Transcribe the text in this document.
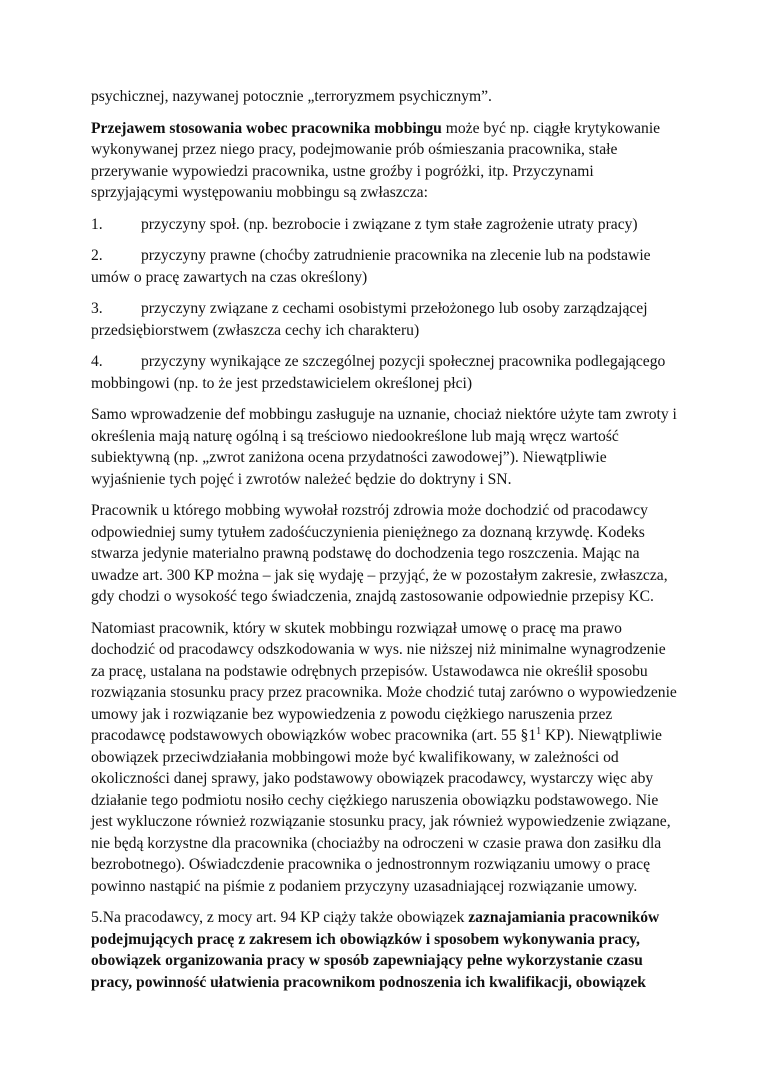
psychicznej, nazywanej potocznie „terroryzmem psychicznym”.

Przejawem stosowania wobec pracownika mobbingu może być np. ciągłe krytykowanie wykonywanej przez niego pracy, podejmowanie prób ośmieszania pracownika, stałe przerywanie wypowiedzi pracownika, ustne groźby i pogróżki, itp. Przyczynami sprzyjającymi występowaniu mobbingu są zwłaszcza:

1. przyczyny społ. (np. bezrobocie i związane z tym stałe zagrożenie utraty pracy)
2. przyczyny prawne (choćby zatrudnienie pracownika na zlecenie lub na podstawie umów o pracę zawartych na czas określony)
3. przyczyny związane z cechami osobistymi przełożonego lub osoby zarządzającej przedsiębiorstwem (zwłaszcza cechy ich charakteru)
4. przyczyny wynikające ze szczególnej pozycji społecznej pracownika podlegającego mobbingowi (np. to że jest przedstawicielem określonej płci)

Samo wprowadzenie def mobbingu zasługuje na uznanie, chociaż niektóre użyte tam zwroty i określenia mają naturę ogólną i są treściowo niedookreślone lub mają wręcz wartość subiektywną (np. „zwrot zaniżona ocena przydatności zawodowej”). Niewątpliwie wyjaśnienie tych pojęć i zwrotów należeć będzie do doktryny i SN.

Pracownik u którego mobbing wywołał rozstrój zdrowia może dochodzić od pracodawcy odpowiedniej sumy tytułem zadośćuczynienia pieniężnego za doznaną krzywdę. Kodeks stwarza jedynie materialno prawną podstawę do dochodzenia tego roszczenia. Mając na uwadze art. 300 KP można – jak się wydaję – przyjąć, że w pozostałym zakresie, zwłaszcza, gdy chodzi o wysokość tego świadczenia, znajdą zastosowanie odpowiednie przepisy KC.

Natomiast pracownik, który w skutek mobbingu rozwiązał umowę o pracę ma prawo dochodzić od pracodawcy odszkodowania w wys. nie niższej niż minimalne wynagrodzenie za pracę, ustalana na podstawie odrębnych przepisów. Ustawodawca nie określił sposobu rozwiązania stosunku pracy przez pracownika. Może chodzić tutaj zarówno o wypowiedzenie umowy jak i rozwiązanie bez wypowiedzenia z powodu ciężkiego naruszenia przez pracodawcę podstawowych obowiązków wobec pracownika (art. 55 $\S 1^1$ KP). Niewątpliwie obowiązek przeciwdziałania mobbingowi może być kwalifikowany, w zależności od okoliczności danej sprawy, jako podstawowy obowiązek pracodawcy, wystarczy więc aby działanie tego podmiotu nosiło cechy ciężkiego naruszenia obowiązku podstawowego. Nie jest wykluczone również rozwiązanie stosunku pracy, jak również wypowiedzenie związane, nie będą korzystne dla pracownika (chociażby na odroczeni w czasie prawa don zasiłku dla bezrobotnego). Oświadczdenie pracownika o jednostronnym rozwiązaniu umowy o pracę powinno nastąpić na piśmie z podaniem przyczyny uzasadniającej rozwiązanie umowy.

5.Na pracodawcy, z mocy art. 94 KP ciąży także obowiązek zaznajamiania pracowników podejmujących pracę z zakresem ich obowiązków i sposobem wykonywania pracy, obowiązek organizowania pracy w sposób zapewniający pełne wykorzystanie czasu pracy, powinność ułatwienia pracownikom podnoszenia ich kwalifikacji, obowiązek
